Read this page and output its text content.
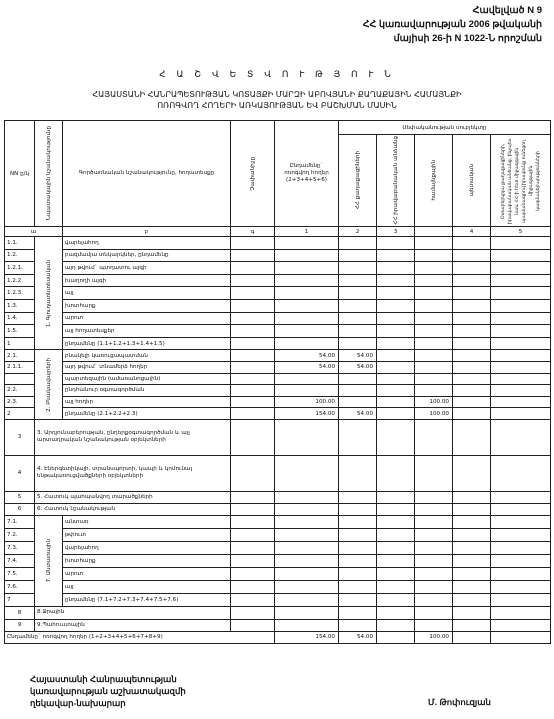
Հավելված N 9
ՀՀ կառավարության 2006 թվականի
մայիսի 26-ի N 1022-Ն որոշման
Հ Ա Շ Վ Ե Տ Վ Ո Ւ Թ Յ Ո Ւ Ն
ՀԱՅԱՍՏԱՆԻ ՀԱՆՐԱՊԵՏՈՒԹՅԱՆ ԿՈՏԱՅՔԻ ՄԱՐԶԻ ԱԲՈՎՅԱՆԻ ՔԱՂԱՔԱՅԻՆ ՀԱՄԱՅՆՔԻ
ՈՌՈԳՎՈՂ ՀՈՂԵՐԻ ԱՌԿԱՅՈՒԹՅԱՆ ԵՎ ԲԱՇԽՄԱՆ ՄԱՍԻՆ
NN ը/կ	Նպատակային նշանակությունը	Գործառնական նշանակությունը, հողատեսքը	Չափանիշը	Ընդամենը` ոռոգվող հողեր (2+3+4+5+6)	Սեփականության սուբյեկտը					

					ՀՀ քաղաքացիների	ՀՀ իրավաբանական անձանց	համայնքային	պետական	Օտարերկրյա քաղաքացիների, իրավաբանական անձանց, ինչպես նաև ՀՀ-ի հետ միջազգային պայմանագրով իրավունք ունեցող միջազգային կազմակերպությունների	

ա		բ	գ	1	2	3		4	5	
1.1.	1. Գյուղատնտեսական	վարելահող								
1.2.		բազմամյա տնկարկներ, ընդամենը								
1.2.1.		այդ թվում` պտղատու այգի								
1.2.2.		խաղողի այգի								
1.2.3.		այլ								
1.3.		խոտհարք								
1.4.		արոտ								
1.5.		այլ հողատեսքեր								
1		ընդամենը (1.1+1.2+1.3+1.4+1.5)								
2.1.	2. Բնակավայրերի	բնակելի կառուցապատման		54.00	54.00					
2.1.1.		այդ թվում` տնամերձ հողեր		54.00	54.00					
		պարտեզային (ամառանոցային)								
2.2.		ընդհանուր օգտագործման								
2.3.		այլ հողեր		100.00			100.00			
2		ընդամենը (2.1+2.2+2.3)		154.00	54.00		100.00			
3	3. Արդյունաբերության, ընդերքօգտագործման և այլ արտադրական նշանակության օբյեկտների									
4	4. Էներգետիկայի, տրանսպորտի, կապի և կոմունալ ենթակառուցվածքների օբյեկտների									
5	5. Հատուկ պահպանվող տարածքների									
6	6. Հատուկ նշանակության									
7.1.	7. Անտառային	անտառ								
7.2.		թփուտ								
7.3.		վարելահող								
7.4.		խոտհարք								
7.5.		արոտ								
7.6.		այլ								
7		ընդամենը (7.1+7.2+7.3+7.4+7.5+7.6)								
8	8.Ջրային									
9	9.Պահուստային									
Ընդամենը` ոռոգվող հողեր (1+2+3+4+5+6+7+8+9)				154.00	54.00		100.00			
Հայաստանի Հանրապետության
կառավարության աշխատակազմի
ղեկավար-նախարար	Մ. Թոփուզյան
